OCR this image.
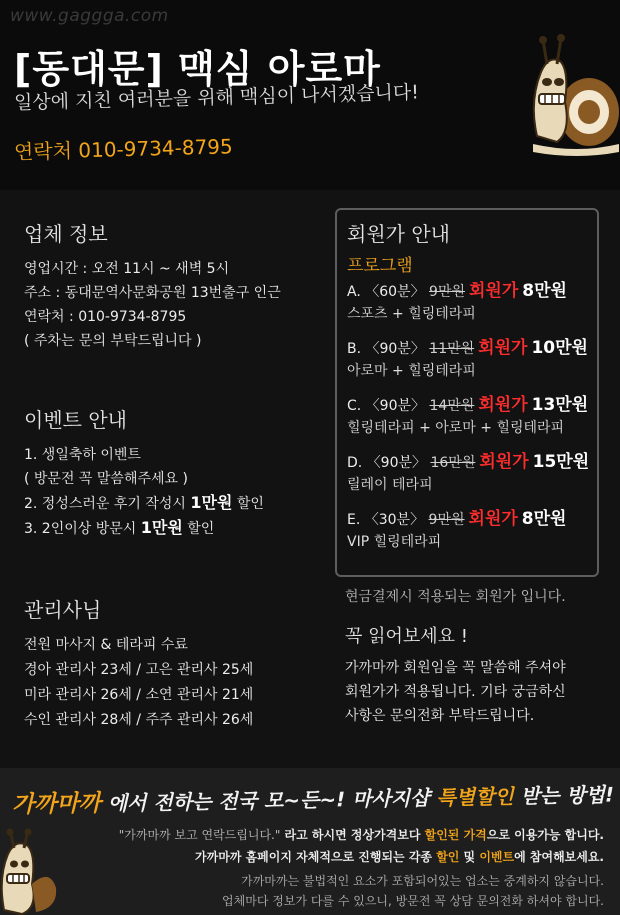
www.gaggga.com
[동대문] 맥심 아로마
일상에 지친 여러분을 위해 맥심이 나서겠습니다!
연락처 010-9734-8795
업체 정보
영업시간 : 오전 11시 ~ 새벽 5시
주소 : 동대문역사문화공원 13번출구 인근
연락처 : 010-9734-8795
( 주차는 문의 부탁드립니다 )
이벤트 안내
1. 생일축하 이벤트
( 방문전 꼭 말씀해주세요 )
2. 정성스러운 후기 작성시 1만원 할인
3. 2인이상 방문시 1만원 할인
관리사님
전원 마사지 & 테라피 수료
경아 관리사 23세 / 고은 관리사 25세
미라 관리사 26세 / 소연 관리사 21세
수인 관리사 28세 / 주주 관리사 26세
회원가 안내
프로그램
A. 〈60분〉 9만원 회원가 8만원
스포츠 + 힐링테라피
B. 〈90분〉 11만원 회원가 10만원
아로마 + 힐링테라피
C. 〈90분〉 14만원 회원가 13만원
힐링테라피 + 아로마 + 힐링테라피
D. 〈90분〉 16만원 회원가 15만원
릴레이 테라피
E. 〈30분〉 9만원 회원가 8만원
VIP 힐링테라피
현금결제시 적용되는 회원가 입니다.
꼭 읽어보세요 !
가까마까 회원임을 꼭 말씀해 주셔야
회원가가 적용됩니다. 기타 궁금하신
사항은 문의전화 부탁드립니다.
가까마까 에서 전하는 전국 모~든~! 마사지샵 특별할인 받는 방법!
"가까마까 보고 연락드립니다." 라고 하시면 정상가격보다 할인된 가격으로 이용가능 합니다.
가까마까 홈페이지 자체적으로 진행되는 각종 할인 및 이벤트에 참여해보세요.
가까마까는 불법적인 요소가 포함되어있는 업소는 중계하지 않습니다.
업체마다 정보가 다를 수 있으니, 방문전 꼭 상담 문의전화 하셔야 합니다.
